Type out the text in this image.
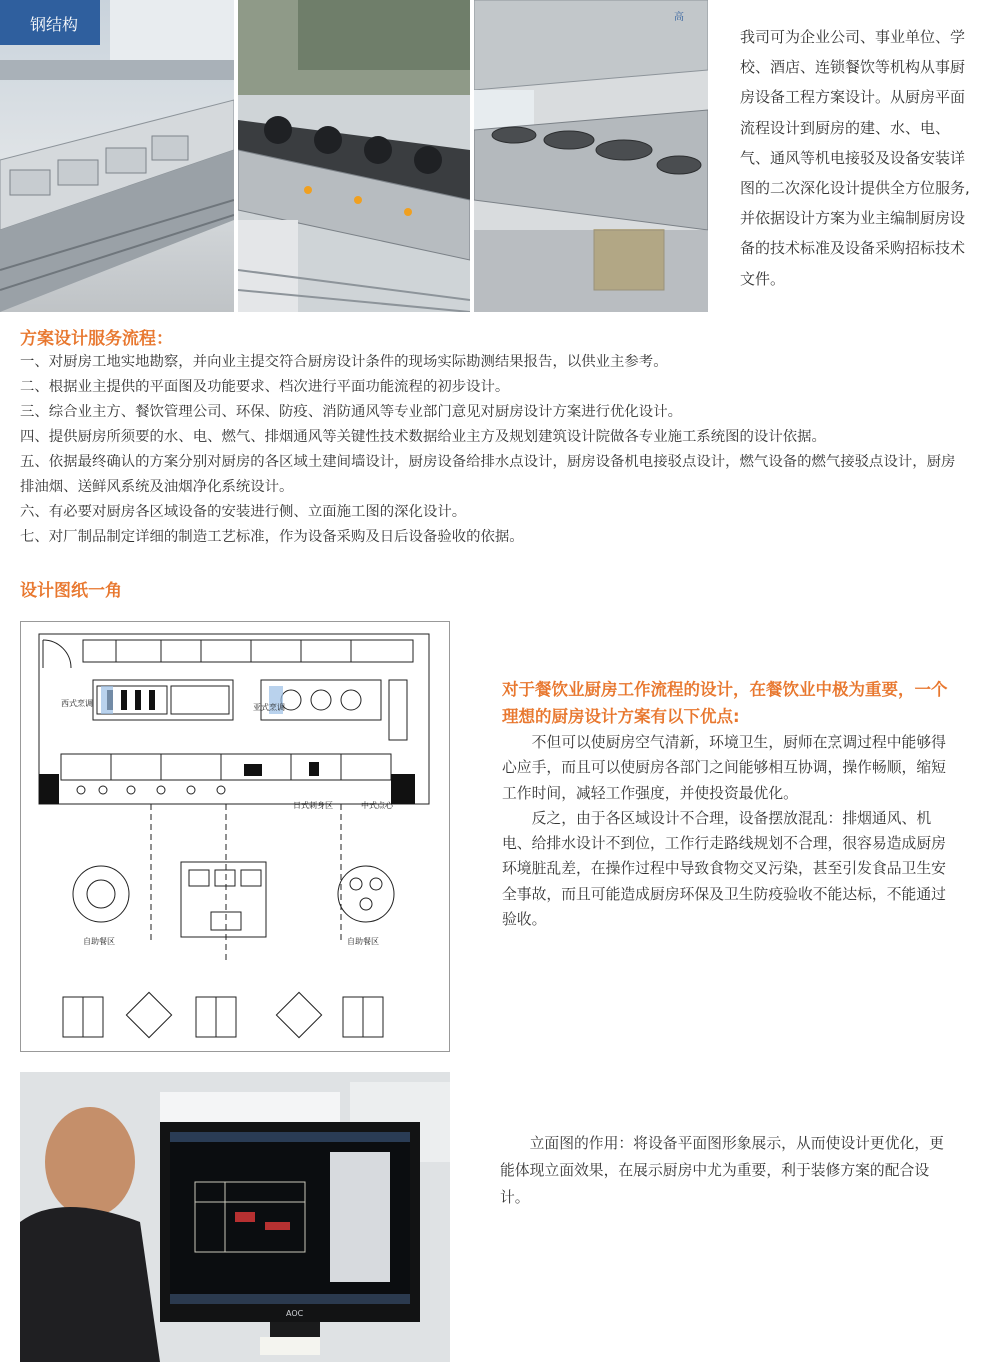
钢结构	高
我司可为企业公司、事业单位、学校、酒店、连锁餐饮等机构从事厨房设备工程方案设计。从厨房平面流程设计到厨房的建、水、电、气、通风等机电接驳及设备安装详图的二次深化设计提供全方位服务,并依据设计方案为业主编制厨房设备的技术标准及设备采购招标技术文件。
方案设计服务流程：

一、对厨房工地实地勘察，并向业主提交符合厨房设计条件的现场实际勘测结果报告，以供业主参考。

二、根据业主提供的平面图及功能要求、档次进行平面功能流程的初步设计。

三、综合业主方、餐饮管理公司、环保、防疫、消防通风等专业部门意见对厨房设计方案进行优化设计。

四、提供厨房所须要的水、电、燃气、排烟通风等关键性技术数据给业主方及规划建筑设计院做各专业施工系统图的设计依据。

五、依据最终确认的方案分别对厨房的各区域土建间墙设计，厨房设备给排水点设计，厨房设备机电接驳点设计，燃气设备的燃气接驳点设计，厨房排油烟、送鲜风系统及油烟净化系统设计。

六、有必要对厨房各区域设备的安装进行侧、立面施工图的深化设计。

七、对厂制品制定详细的制造工艺标准，作为设备采购及日后设备验收的依据。

设计图纸一角
西式烹调	亚式烹调
自助餐区	自助餐区
日式刺身区	中式点心
对于餐饮业厨房工作流程的设计，在餐饮业中极为重要，一个理想的厨房设计方案有以下优点:

不但可以使厨房空气清新，环境卫生，厨师在烹调过程中能够得心应手，而且可以使厨房各部门之间能够相互协调，操作畅顺，缩短工作时间，减轻工作强度，并使投资最优化。

反之，由于各区域设计不合理，设备摆放混乱：排烟通风、机电、给排水设计不到位，工作行走路线规划不合理，很容易造成厨房环境脏乱差，在操作过程中导致食物交叉污染，甚至引发食品卫生安全事故，而且可能造成厨房环保及卫生防疫验收不能达标，不能通过验收。

AOC

立面图的作用：将设备平面图形象展示，从而使设计更优化，更能体现立面效果，在展示厨房中尤为重要，利于装修方案的配合设计。
